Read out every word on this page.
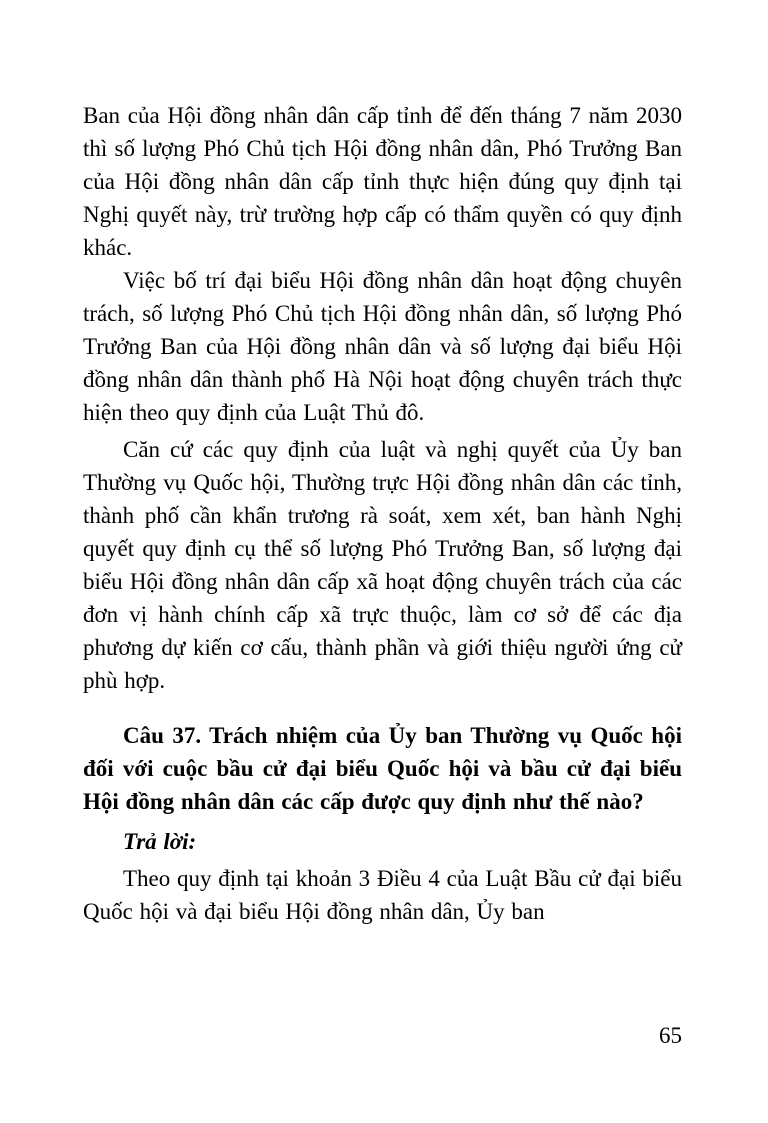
Ban của Hội đồng nhân dân cấp tỉnh để đến tháng 7 năm 2030 thì số lượng Phó Chủ tịch Hội đồng nhân dân, Phó Trưởng Ban của Hội đồng nhân dân cấp tỉnh thực hiện đúng quy định tại Nghị quyết này, trừ trường hợp cấp có thẩm quyền có quy định khác.

Việc bố trí đại biểu Hội đồng nhân dân hoạt động chuyên trách, số lượng Phó Chủ tịch Hội đồng nhân dân, số lượng Phó Trưởng Ban của Hội đồng nhân dân và số lượng đại biểu Hội đồng nhân dân thành phố Hà Nội hoạt động chuyên trách thực hiện theo quy định của Luật Thủ đô.

Căn cứ các quy định của luật và nghị quyết của Ủy ban Thường vụ Quốc hội, Thường trực Hội đồng nhân dân các tỉnh, thành phố cần khẩn trương rà soát, xem xét, ban hành Nghị quyết quy định cụ thể số lượng Phó Trưởng Ban, số lượng đại biểu Hội đồng nhân dân cấp xã hoạt động chuyên trách của các đơn vị hành chính cấp xã trực thuộc, làm cơ sở để các địa phương dự kiến cơ cấu, thành phần và giới thiệu người ứng cử phù hợp.

Câu 37. Trách nhiệm của Ủy ban Thường vụ Quốc hội đối với cuộc bầu cử đại biểu Quốc hội và bầu cử đại biểu Hội đồng nhân dân các cấp được quy định như thế nào?

Trả lời:

Theo quy định tại khoản 3 Điều 4 của Luật Bầu cử đại biểu Quốc hội và đại biểu Hội đồng nhân dân, Ủy ban

65
